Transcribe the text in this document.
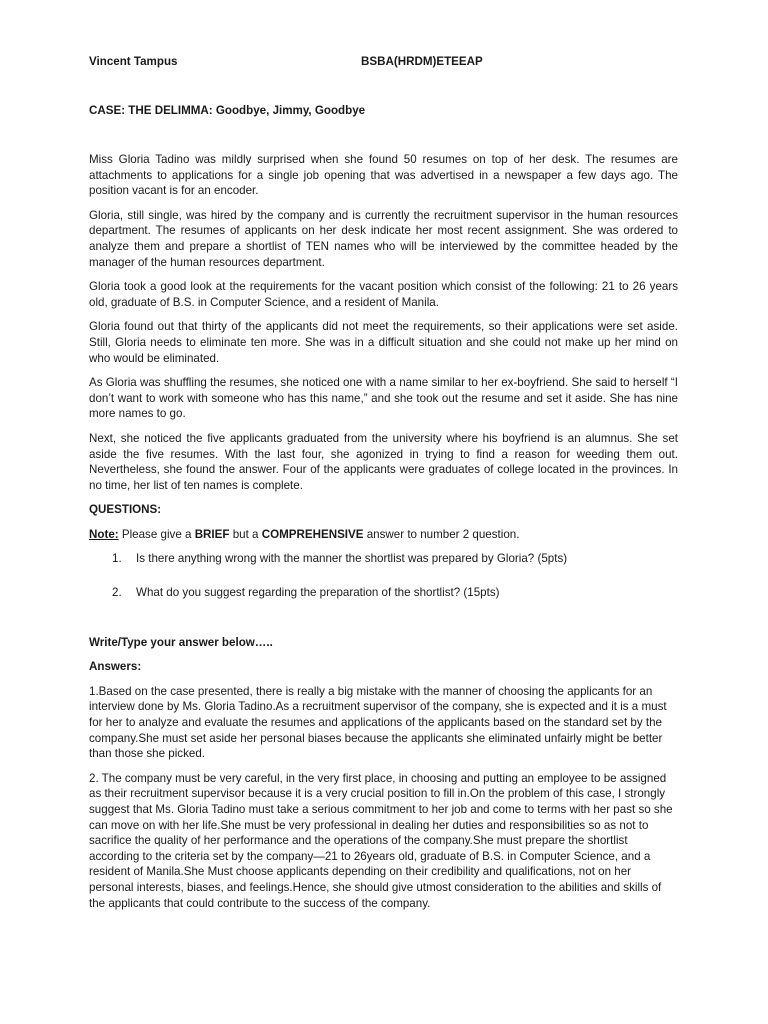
Vincent Tampus	BSBA(HRDM)ETEEAP
CASE: THE DELIMMA: Goodbye, Jimmy, Goodbye

Miss Gloria Tadino was mildly surprised when she found 50 resumes on top of her desk. The resumes are attachments to applications for a single job opening that was advertised in a newspaper a few days ago. The position vacant is for an encoder.

Gloria, still single, was hired by the company and is currently the recruitment supervisor in the human resources department. The resumes of applicants on her desk indicate her most recent assignment. She was ordered to analyze them and prepare a shortlist of TEN names who will be interviewed by the committee headed by the manager of the human resources department.

Gloria took a good look at the requirements for the vacant position which consist of the following: 21 to 26 years old, graduate of B.S. in Computer Science, and a resident of Manila.

Gloria found out that thirty of the applicants did not meet the requirements, so their applications were set aside. Still, Gloria needs to eliminate ten more. She was in a difficult situation and she could not make up her mind on who would be eliminated.

As Gloria was shuffling the resumes, she noticed one with a name similar to her ex-boyfriend. She said to herself “I don’t want to work with someone who has this name,” and she took out the resume and set it aside. She has nine more names to go.

Next, she noticed the five applicants graduated from the university where his boyfriend is an alumnus. She set aside the five resumes. With the last four, she agonized in trying to find a reason for weeding them out. Nevertheless, she found the answer. Four of the applicants were graduates of college located in the provinces. In no time, her list of ten names is complete.

QUESTIONS:

Note: Please give a BRIEF but a COMPREHENSIVE answer to number 2 question.

1. Is there anything wrong with the manner the shortlist was prepared by Gloria? (5pts)
2. What do you suggest regarding the preparation of the shortlist? (15pts)

Write/Type your answer below…..

Answers:

1.Based on the case presented, there is really a big mistake with the manner of choosing the applicants for an interview done by Ms. Gloria Tadino.As a recruitment supervisor of the company, she is expected and it is a must for her to analyze and evaluate the resumes and applications of the applicants based on the standard set by the company.She must set aside her personal biases because the applicants she eliminated unfairly might be better than those she picked.

2. The company must be very careful, in the very first place, in choosing and putting an employee to be assigned as their recruitment supervisor because it is a very crucial position to fill in.On the problem of this case, I strongly suggest that Ms. Gloria Tadino must take a serious commitment to her job and come to terms with her past so she can move on with her life.She must be very professional in dealing her duties and responsibilities so as not to sacrifice the quality of her performance and the operations of the company.She must prepare the shortlist according to the criteria set by the company—21 to 26years old, graduate of B.S. in Computer Science, and a resident of Manila.She Must choose applicants depending on their credibility and qualifications, not on her personal interests, biases, and feelings.Hence, she should give utmost consideration to the abilities and skills of the applicants that could contribute to the success of the company.
